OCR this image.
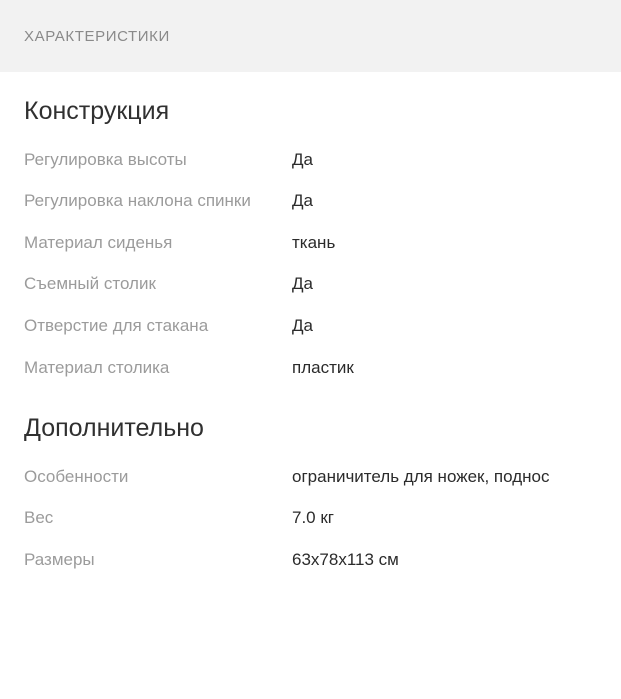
ХАРАКТЕРИСТИКИ
Конструкция
Регулировка высоты	Да
Регулировка наклона спинки	Да
Материал сиденья	ткань
Съемный столик	Да
Отверстие для стакана	Да
Материал столика	пластик
Дополнительно
Особенности	ограничитель для ножек, поднос
Вес	7.0 кг
Размеры	63x78x113 см
